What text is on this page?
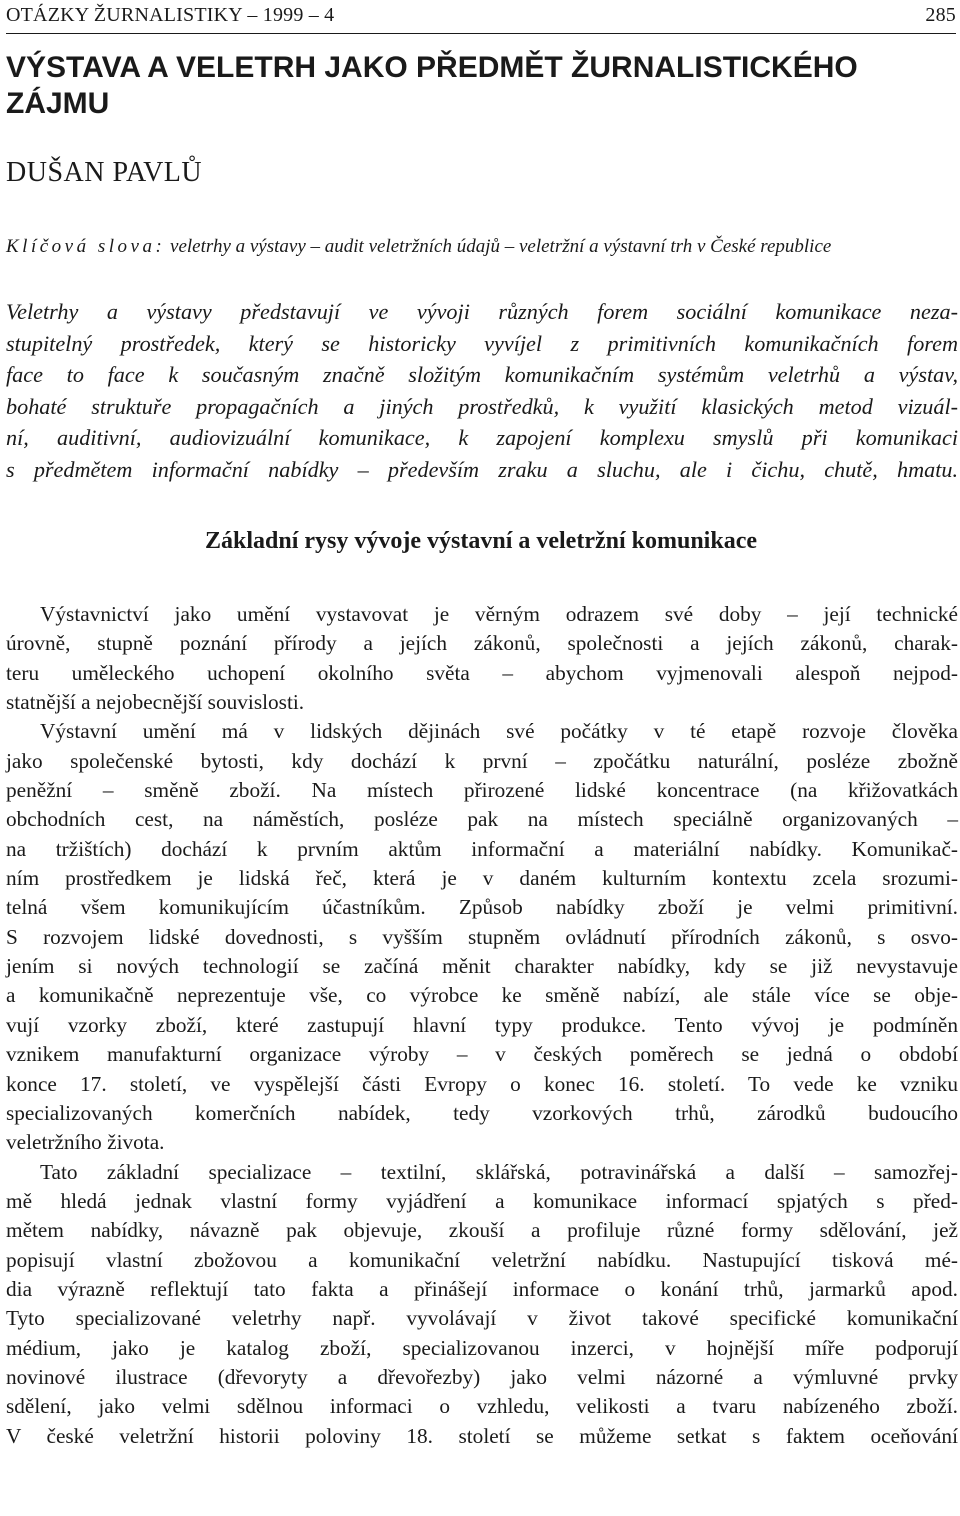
OTÁZKY ŽURNALISTIKY – 1999 – 4	285
VÝSTAVA A VELETRH JAKO PŘEDMĚT ŽURNALISTICKÉHO ZÁJMU
DUŠAN PAVLŮ
Klíčová slova: veletrhy a výstavy – audit veletržních údajů – veletržní a výstavní trh v České republice
Veletrhy a výstavy představují ve vývoji různých forem sociální komunikace neza-
stupitelný prostředek, který se historicky vyvíjel z primitivních komunikačních forem
face to face k současným značně složitým komunikačním systémům veletrhů a výstav,
bohaté struktuře propagačních a jiných prostředků, k využití klasických metod vizuál-
ní, auditivní, audiovizuální komunikace, k zapojení komplexu smyslů při komunikaci
s předmětem informační nabídky – především zraku a sluchu, ale i čichu, chutě, hmatu.
Základní rysy vývoje výstavní a veletržní komunikace
Výstavnictví jako umění vystavovat je věrným odrazem své doby – její technické
úrovně, stupně poznání přírody a jejích zákonů, společnosti a jejích zákonů, charak-
teru uměleckého uchopení okolního světa – abychom vyjmenovali alespoň nejpod-
statnější a nejobecnější souvislosti.
Výstavní umění má v lidských dějinách své počátky v té etapě rozvoje člověka
jako společenské bytosti, kdy dochází k první – zpočátku naturální, posléze zbožně
peněžní – směně zboží. Na místech přirozené lidské koncentrace (na křižovatkách
obchodních cest, na náměstích, posléze pak na místech speciálně organizovaných –
na tržištích) dochází k prvním aktům informační a materiální nabídky. Komunikač-
ním prostředkem je lidská řeč, která je v daném kulturním kontextu zcela srozumi-
telná všem komunikujícím účastníkům. Způsob nabídky zboží je velmi primitivní.
S rozvojem lidské dovednosti, s vyšším stupněm ovládnutí přírodních zákonů, s osvo-
jením si nových technologií se začíná měnit charakter nabídky, kdy se již nevystavuje
a komunikačně neprezentuje vše, co výrobce ke směně nabízí, ale stále více se obje-
vují vzorky zboží, které zastupují hlavní typy produkce. Tento vývoj je podmíněn
vznikem manufakturní organizace výroby – v českých poměrech se jedná o období
konce 17. století, ve vyspělejší části Evropy o konec 16. století. To vede ke vzniku
specializovaných komerčních nabídek, tedy vzorkových trhů, zárodků budoucího
veletržního života.
Tato základní specializace – textilní, sklářská, potravinářská a další – samozřej-
mě hledá jednak vlastní formy vyjádření a komunikace informací spjatých s před-
mětem nabídky, návazně pak objevuje, zkouší a profiluje různé formy sdělování, jež
popisují vlastní zbožovou a komunikační veletržní nabídku. Nastupující tisková mé-
dia výrazně reflektují tato fakta a přinášejí informace o konání trhů, jarmarků apod.
Tyto specializované veletrhy např. vyvolávají v život takové specifické komunikační
médium, jako je katalog zboží, specializovanou inzerci, v hojnější míře podporují
novinové ilustrace (dřevoryty a dřevořezby) jako velmi názorné a výmluvné prvky
sdělení, jako velmi sdělnou informaci o vzhledu, velikosti a tvaru nabízeného zboží.
V české veletržní historii poloviny 18. století se můžeme setkat s faktem oceňování
